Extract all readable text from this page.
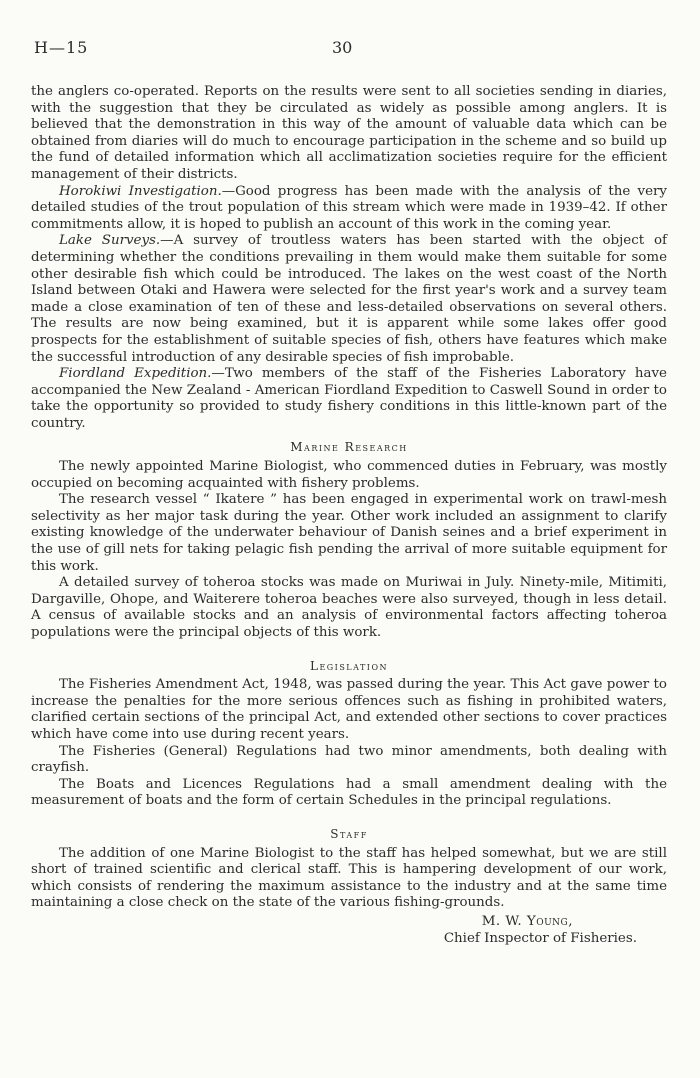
H—15	30

the anglers co-operated. Reports on the results were sent to all societies sending in diaries, with the suggestion that they be circulated as widely as possible among anglers. It is believed that the demonstration in this way of the amount of valuable data which can be obtained from diaries will do much to encourage participation in the scheme and so build up the fund of detailed information which all acclimatization societies require for the efficient management of their districts.

Horokiwi Investigation.—Good progress has been made with the analysis of the very detailed studies of the trout population of this stream which were made in 1939–42. If other commitments allow, it is hoped to publish an account of this work in the coming year.

Lake Surveys.—A survey of troutless waters has been started with the object of determining whether the conditions prevailing in them would make them suitable for some other desirable fish which could be introduced. The lakes on the west coast of the North Island between Otaki and Hawera were selected for the first year's work and a survey team made a close examination of ten of these and less-detailed observations on several others. The results are now being examined, but it is apparent while some lakes offer good prospects for the establishment of suitable species of fish, others have features which make the successful introduction of any desirable species of fish improbable.

Fiordland Expedition.—Two members of the staff of the Fisheries Laboratory have accompanied the New Zealand - American Fiordland Expedition to Caswell Sound in order to take the opportunity so provided to study fishery conditions in this little-known part of the country.

Marine Research

The newly appointed Marine Biologist, who commenced duties in February, was mostly occupied on becoming acquainted with fishery problems.

The research vessel “ Ikatere ” has been engaged in experimental work on trawl-mesh selectivity as her major task during the year. Other work included an assignment to clarify existing knowledge of the underwater behaviour of Danish seines and a brief experiment in the use of gill nets for taking pelagic fish pending the arrival of more suitable equipment for this work.

A detailed survey of toheroa stocks was made on Muriwai in July. Ninety-mile, Mitimiti, Dargaville, Ohope, and Waiterere toheroa beaches were also surveyed, though in less detail. A census of available stocks and an analysis of environmental factors affecting toheroa populations were the principal objects of this work.

Legislation

The Fisheries Amendment Act, 1948, was passed during the year. This Act gave power to increase the penalties for the more serious offences such as fishing in prohibited waters, clarified certain sections of the principal Act, and extended other sections to cover practices which have come into use during recent years.

The Fisheries (General) Regulations had two minor amendments, both dealing with crayfish.

The Boats and Licences Regulations had a small amendment dealing with the measurement of boats and the form of certain Schedules in the principal regulations.

Staff

The addition of one Marine Biologist to the staff has helped somewhat, but we are still short of trained scientific and clerical staff. This is hampering development of our work, which consists of rendering the maximum assistance to the industry and at the same time maintaining a close check on the state of the various fishing-grounds.

M. W. Young,
Chief Inspector of Fisheries.
